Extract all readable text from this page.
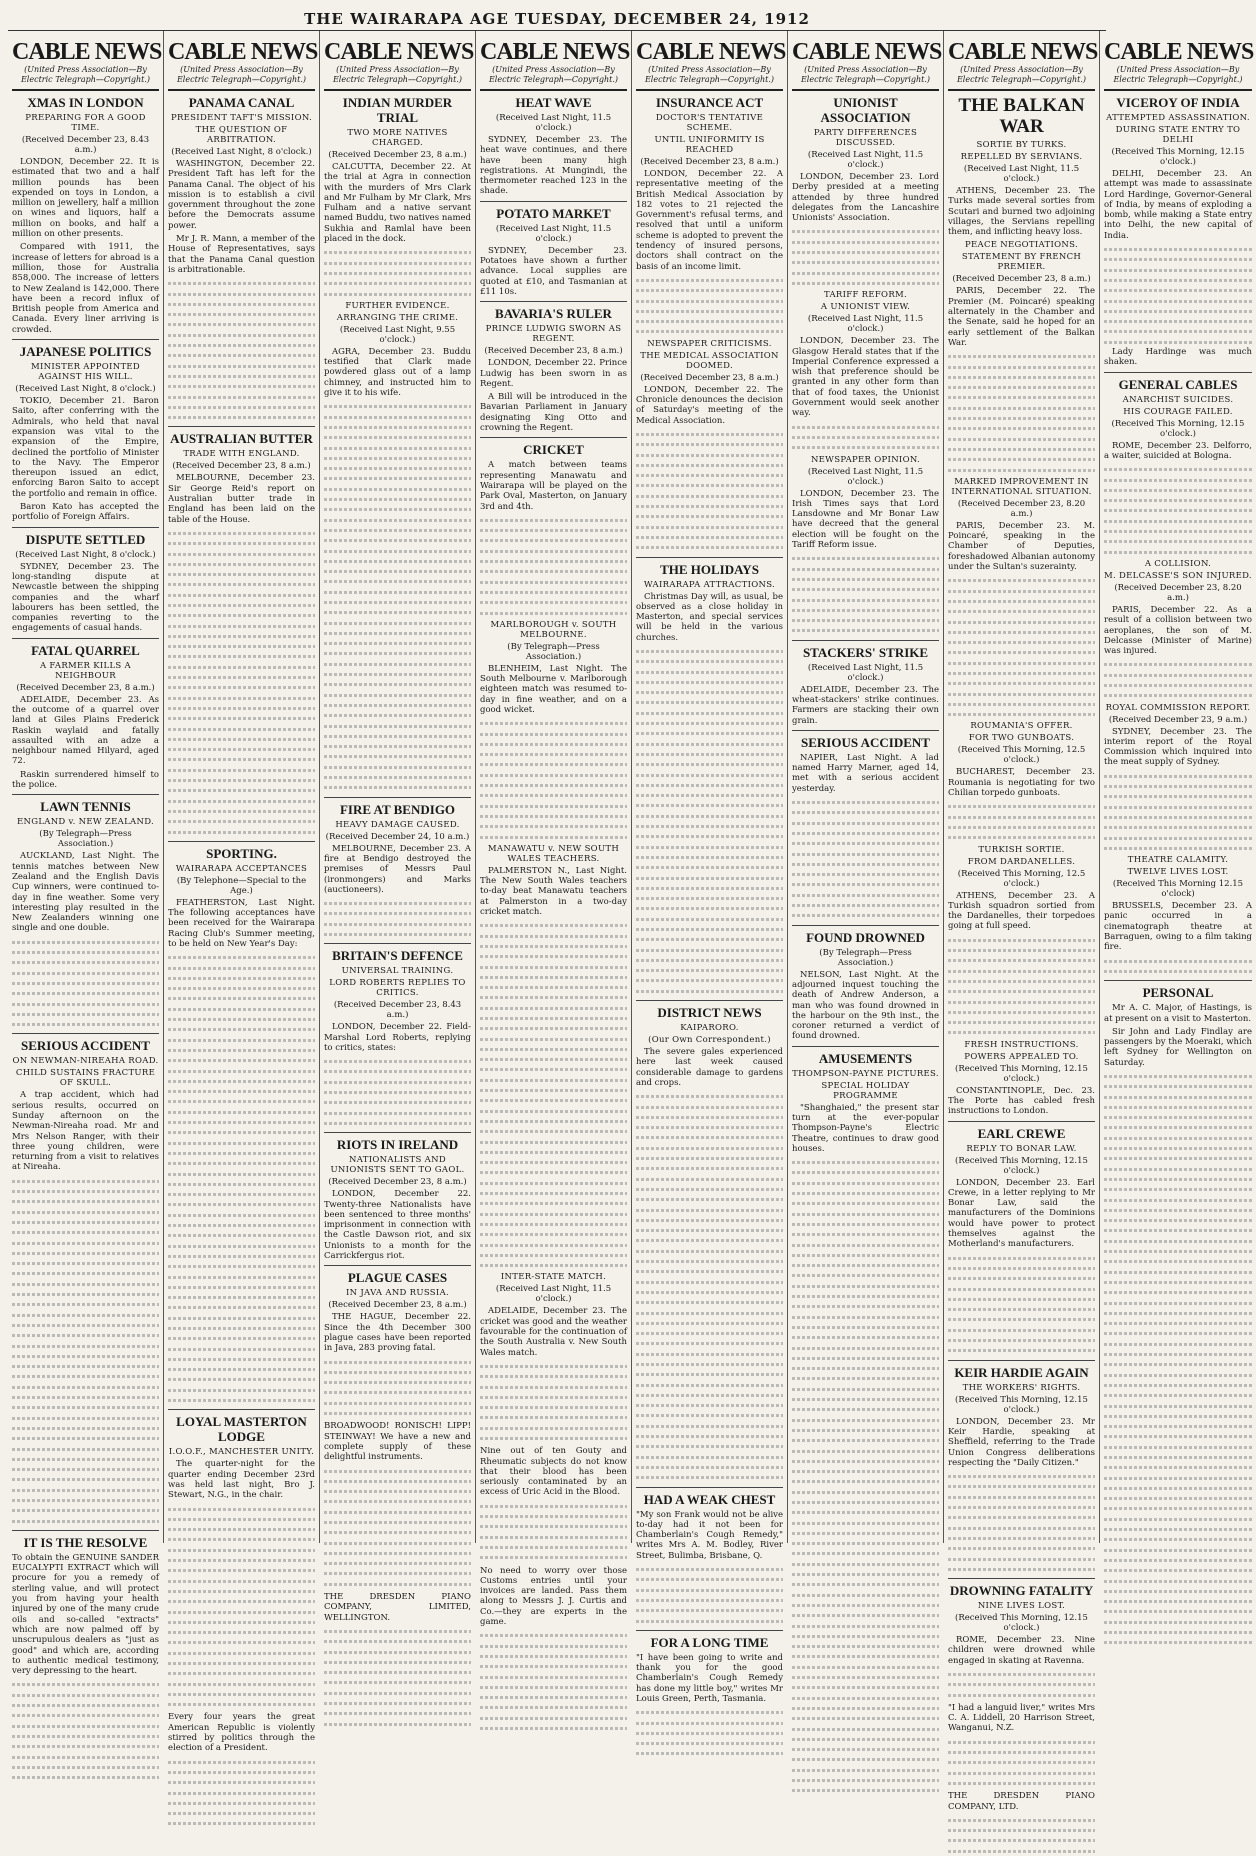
THE WAIRARAPA AGE TUESDAY, DECEMBER 24, 1912
CABLE NEWS
(United Press Association—By Electric Telegraph—Copyright.)
XMAS IN LONDON
PREPARING FOR A GOOD TIME.
(Received December 23, 8.43 a.m.)

LONDON, December 22. It is estimated that two and a half million pounds has been expended on toys in London, a million on jewellery, half a million on wines and liquors, half a million on books, and half a million on other presents.

Compared with 1911, the increase of letters for abroad is a million, those for Australia 858,000. The increase of letters to New Zealand is 142,000. There have been a record influx of British people from America and Canada. Every liner arriving is crowded.

JAPANESE POLITICS
MINISTER APPOINTED AGAINST HIS WILL.
(Received Last Night, 8 o'clock.)

TOKIO, December 21. Baron Saito, after conferring with the Admirals, who held that naval expansion was vital to the expansion of the Empire, declined the portfolio of Minister to the Navy. The Emperor thereupon issued an edict, enforcing Baron Saito to accept the portfolio and remain in office.

Baron Kato has accepted the portfolio of Foreign Affairs.

DISPUTE SETTLED
(Received Last Night, 8 o'clock.)

SYDNEY, December 23. The long-standing dispute at Newcastle between the shipping companies and the wharf labourers has been settled, the companies reverting to the engagements of casual hands.

FATAL QUARREL
A FARMER KILLS A NEIGHBOUR
(Received December 23, 8 a.m.)

ADELAIDE, December 23. As the outcome of a quarrel over land at Giles Plains Frederick Raskin waylaid and fatally assaulted with an adze a neighbour named Hilyard, aged 72.

Raskin surrendered himself to the police.

LAWN TENNIS
ENGLAND v. NEW ZEALAND.
(By Telegraph—Press Association.)

AUCKLAND, Last Night. The tennis matches between New Zealand and the English Davis Cup winners, were continued to-day in fine weather. Some very interesting play resulted in the New Zealanders winning one single and one double.

SERIOUS ACCIDENT
ON NEWMAN-NIREAHA ROAD.
CHILD SUSTAINS FRACTURE OF SKULL.

A trap accident, which had serious results, occurred on Sunday afternoon on the Newman-Nireaha road. Mr and Mrs Nelson Ranger, with their three young children, were returning from a visit to relatives at Nireaha.

IT IS THE RESOLVE

To obtain the GENUINE SANDER EUCALYPTI EXTRACT which will procure for you a remedy of sterling value, and will protect you from having your health injured by one of the many crude oils and so-called "extracts" which are now palmed off by unscrupulous dealers as "just as good" and which are, according to authentic medical testimony, very depressing to the heart.

CABLE NEWS
(United Press Association—By Electric Telegraph—Copyright.)
PANAMA CANAL
PRESIDENT TAFT'S MISSION.
THE QUESTION OF ARBITRATION.
(Received Last Night, 8 o'clock.)

WASHINGTON, December 22. President Taft has left for the Panama Canal. The object of his mission is to establish a civil government throughout the zone before the Democrats assume power.

Mr J. R. Mann, a member of the House of Representatives, says that the Panama Canal question is arbitrationable.

AUSTRALIAN BUTTER
TRADE WITH ENGLAND.
(Received December 23, 8 a.m.)

MELBOURNE, December 23. Sir George Reid's report on Australian butter trade in England has been laid on the table of the House.

SPORTING.
WAIRARAPA ACCEPTANCES
(By Telephone—Special to the Age.)

FEATHERSTON, Last Night. The following acceptances have been received for the Wairarapa Racing Club's Summer meeting, to be held on New Year's Day:

LOYAL MASTERTON LODGE
I.O.O.F., MANCHESTER UNITY.

The quarter-night for the quarter ending December 23rd was held last night, Bro J. Stewart, N.G., in the chair.

Every four years the great American Republic is violently stirred by politics through the election of a President.

CABLE NEWS
(United Press Association—By Electric Telegraph—Copyright.)
INDIAN MURDER TRIAL
TWO MORE NATIVES CHARGED.
(Received December 23, 8 a.m.)

CALCUTTA, December 22. At the trial at Agra in connection with the murders of Mrs Clark and Mr Fulham by Mr Clark, Mrs Fulham and a native servant named Buddu, two natives named Sukhia and Ramlal have been placed in the dock.

FURTHER EVIDENCE.
ARRANGING THE CRIME.
(Received Last Night, 9.55 o'clock.)

AGRA, December 23. Buddu testified that Clark made powdered glass out of a lamp chimney, and instructed him to give it to his wife.

FIRE AT BENDIGO
HEAVY DAMAGE CAUSED.
(Received December 24, 10 a.m.)

MELBOURNE, December 23. A fire at Bendigo destroyed the premises of Messrs Paul (ironmongers) and Marks (auctioneers).

BRITAIN'S DEFENCE
UNIVERSAL TRAINING.
LORD ROBERTS REPLIES TO CRITICS.
(Received December 23, 8.43 a.m.)

LONDON, December 22. Field-Marshal Lord Roberts, replying to critics, states:

RIOTS IN IRELAND
NATIONALISTS AND UNIONISTS SENT TO GAOL.
(Received December 23, 8 a.m.)

LONDON, December 22. Twenty-three Nationalists have been sentenced to three months' imprisonment in connection with the Castle Dawson riot, and six Unionists to a month for the Carrickfergus riot.

PLAGUE CASES
IN JAVA AND RUSSIA.
(Received December 23, 8 a.m.)

THE HAGUE, December 22. Since the 4th December 300 plague cases have been reported in Java, 283 proving fatal.

BROADWOOD! RONISCH! LIPP! STEINWAY! We have a new and complete supply of these delightful instruments.

THE DRESDEN PIANO COMPANY, LIMITED, WELLINGTON.

CABLE NEWS
(United Press Association—By Electric Telegraph—Copyright.)
HEAT WAVE
(Received Last Night, 11.5 o'clock.)

SYDNEY, December 23. The heat wave continues, and there have been many high registrations. At Mungindi, the thermometer reached 123 in the shade.

POTATO MARKET
(Received Last Night, 11.5 o'clock.)

SYDNEY, December 23. Potatoes have shown a further advance. Local supplies are quoted at £10, and Tasmanian at £11 10s.

BAVARIA'S RULER
PRINCE LUDWIG SWORN AS REGENT.
(Received December 23, 8 a.m.)

LONDON, December 22. Prince Ludwig has been sworn in as Regent.

A Bill will be introduced in the Bavarian Parliament in January designating King Otto and crowning the Regent.

CRICKET

A match between teams representing Manawatu and Wairarapa will be played on the Park Oval, Masterton, on January 3rd and 4th.

MARLBOROUGH v. SOUTH MELBOURNE.
(By Telegraph—Press Association.)

BLENHEIM, Last Night. The South Melbourne v. Marlborough eighteen match was resumed to-day in fine weather, and on a good wicket.

MANAWATU v. NEW SOUTH WALES TEACHERS.

PALMERSTON N., Last Night. The New South Wales teachers to-day beat Manawatu teachers at Palmerston in a two-day cricket match.

INTER-STATE MATCH.
(Received Last Night, 11.5 o'clock.)

ADELAIDE, December 23. The cricket was good and the weather favourable for the continuation of the South Australia v. New South Wales match.

Nine out of ten Gouty and Rheumatic subjects do not know that their blood has been seriously contaminated by an excess of Uric Acid in the Blood.

No need to worry over those Customs entries until your invoices are landed. Pass them along to Messrs J. J. Curtis and Co.—they are experts in the game.

CABLE NEWS
(United Press Association—By Electric Telegraph—Copyright.)
INSURANCE ACT
DOCTOR'S TENTATIVE SCHEME.
UNTIL UNIFORMITY IS REACHED
(Received December 23, 8 a.m.)

LONDON, December 22. A representative meeting of the British Medical Association by 182 votes to 21 rejected the Government's refusal terms, and resolved that until a uniform scheme is adopted to prevent the tendency of insured persons, doctors shall contract on the basis of an income limit.

NEWSPAPER CRITICISMS.
THE MEDICAL ASSOCIATION DOOMED.
(Received December 23, 8 a.m.)

LONDON, December 22. The Chronicle denounces the decision of Saturday's meeting of the Medical Association.

THE HOLIDAYS
WAIRARAPA ATTRACTIONS.

Christmas Day will, as usual, be observed as a close holiday in Masterton, and special services will be held in the various churches.

DISTRICT NEWS
KAIPARORO.
(Our Own Correspondent.)

The severe gales experienced here last week caused considerable damage to gardens and crops.

HAD A WEAK CHEST

"My son Frank would not be alive to-day had it not been for Chamberlain's Cough Remedy," writes Mrs A. M. Bodley, River Street, Bulimba, Brisbane, Q.

FOR A LONG TIME

"I have been going to write and thank you for the good Chamberlain's Cough Remedy has done my little boy," writes Mr Louis Green, Perth, Tasmania.

CABLE NEWS
(United Press Association—By Electric Telegraph—Copyright.)
UNIONIST ASSOCIATION
PARTY DIFFERENCES DISCUSSED.
(Received Last Night, 11.5 o'clock.)

LONDON, December 23. Lord Derby presided at a meeting attended by three hundred delegates from the Lancashire Unionists' Association.

TARIFF REFORM.
A UNIONIST VIEW.
(Received Last Night, 11.5 o'clock.)

LONDON, December 23. The Glasgow Herald states that if the Imperial Conference expressed a wish that preference should be granted in any other form than that of food taxes, the Unionist Government would seek another way.

NEWSPAPER OPINION.
(Received Last Night, 11.5 o'clock.)

LONDON, December 23. The Irish Times says that Lord Lansdowne and Mr Bonar Law have decreed that the general election will be fought on the Tariff Reform issue.

STACKERS' STRIKE
(Received Last Night, 11.5 o'clock.)

ADELAIDE, December 23. The wheat-stackers' strike continues. Farmers are stacking their own grain.

SERIOUS ACCIDENT

NAPIER, Last Night. A lad named Harry Marner, aged 14, met with a serious accident yesterday.

FOUND DROWNED
(By Telegraph—Press Association.)

NELSON, Last Night. At the adjourned inquest touching the death of Andrew Anderson, a man who was found drowned in the harbour on the 9th inst., the coroner returned a verdict of found drowned.

AMUSEMENTS
THOMPSON-PAYNE PICTURES.
SPECIAL HOLIDAY PROGRAMME

"Shanghaied," the present star turn at the ever-popular Thompson-Payne's Electric Theatre, continues to draw good houses.

CABLE NEWS
(United Press Association—By Electric Telegraph—Copyright.)
THE BALKAN WAR
SORTIE BY TURKS.
REPELLED BY SERVIANS.
(Received Last Night, 11.5 o'clock.)

ATHENS, December 23. The Turks made several sorties from Scutari and burned two adjoining villages, the Servians repelling them, and inflicting heavy loss.

PEACE NEGOTIATIONS.
STATEMENT BY FRENCH PREMIER.
(Received December 23, 8 a.m.)

PARIS, December 22. The Premier (M. Poincaré) speaking alternately in the Chamber and the Senate, said he hoped for an early settlement of the Balkan War.

MARKED IMPROVEMENT IN INTERNATIONAL SITUATION.
(Received December 23, 8.20 a.m.)

PARIS, December 23. M. Poincaré, speaking in the Chamber of Deputies, foreshadowed Albanian autonomy under the Sultan's suzerainty.

ROUMANIA'S OFFER.
FOR TWO GUNBOATS.
(Received This Morning, 12.5 o'clock.)

BUCHAREST, December 23. Roumania is negotiating for two Chilian torpedo gunboats.

TURKISH SORTIE.
FROM DARDANELLES.
(Received This Morning, 12.5 o'clock.)

ATHENS, December 23. A Turkish squadron sortied from the Dardanelles, their torpedoes going at full speed.

FRESH INSTRUCTIONS.
POWERS APPEALED TO.
(Received This Morning, 12.15 o'clock.)

CONSTANTINOPLE, Dec. 23. The Porte has cabled fresh instructions to London.

EARL CREWE
REPLY TO BONAR LAW.
(Received This Morning, 12.15 o'clock.)

LONDON, December 23. Earl Crewe, in a letter replying to Mr Bonar Law, said the manufacturers of the Dominions would have power to protect themselves against the Motherland's manufacturers.

KEIR HARDIE AGAIN
THE WORKERS' RIGHTS.
(Received This Morning, 12.15 o'clock.)

LONDON, December 23. Mr Keir Hardie, speaking at Sheffield, referring to the Trade Union Congress deliberations respecting the "Daily Citizen."

DROWNING FATALITY
NINE LIVES LOST.
(Received This Morning, 12.15 o'clock.)

ROME, December 23. Nine children were drowned while engaged in skating at Ravenna.

"I had a languid liver," writes Mrs C. A. Liddell, 20 Harrison Street, Wanganui, N.Z.

THE DRESDEN PIANO COMPANY, LTD.

CABLE NEWS
(United Press Association—By Electric Telegraph—Copyright.)
VICEROY OF INDIA
ATTEMPTED ASSASSINATION.
DURING STATE ENTRY TO DELHI
(Received This Morning, 12.15 o'clock.)

DELHI, December 23. An attempt was made to assassinate Lord Hardinge, Governor-General of India, by means of exploding a bomb, while making a State entry into Delhi, the new capital of India.

Lady Hardinge was much shaken.

GENERAL CABLES
ANARCHIST SUICIDES.
HIS COURAGE FAILED.
(Received This Morning, 12.15 o'clock.)

ROME, December 23. Delforro, a waiter, suicided at Bologna.

A COLLISION.
M. DELCASSE'S SON INJURED.
(Received December 23, 8.20 a.m.)

PARIS, December 22. As a result of a collision between two aeroplanes, the son of M. Delcasse (Minister of Marine) was injured.

ROYAL COMMISSION REPORT.
(Received December 23, 9 a.m.)

SYDNEY, December 23. The interim report of the Royal Commission which inquired into the meat supply of Sydney.

THEATRE CALAMITY.
TWELVE LIVES LOST.
(Received This Morning 12.15 o'clock)

BRUSSELS, December 23. A panic occurred in a cinematograph theatre at Barraguen, owing to a film taking fire.

PERSONAL

Mr A. C. Major, of Hastings, is at present on a visit to Masterton.

Sir John and Lady Findlay are passengers by the Moeraki, which left Sydney for Wellington on Saturday.
